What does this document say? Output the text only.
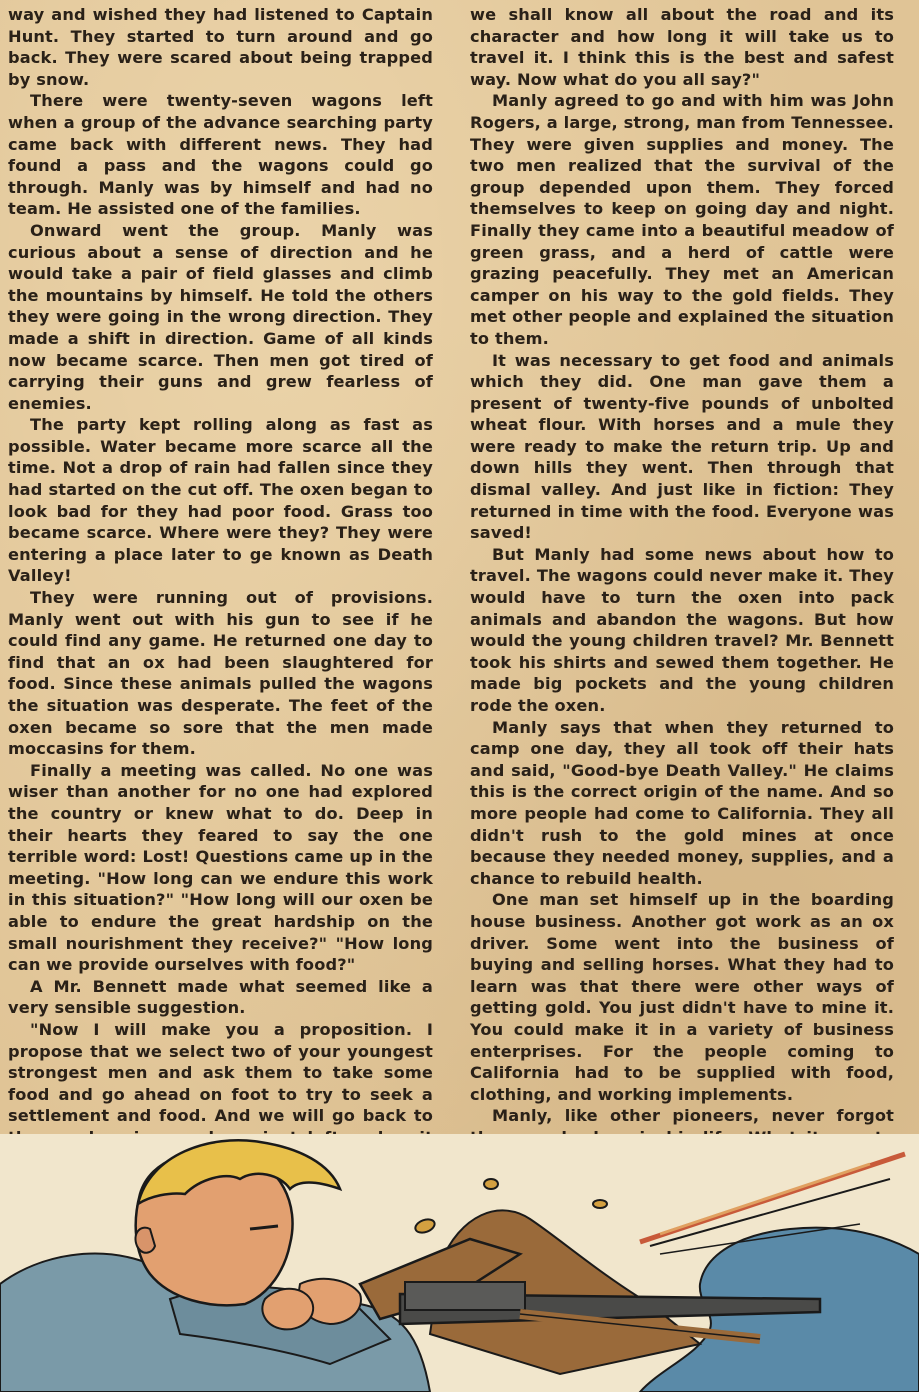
way and wished they had listened to Captain Hunt. They started to turn around and go back. They were scared about being trapped by snow.

There were twenty-seven wagons left when a group of the advance searching party came back with different news. They had found a pass and the wagons could go through. Manly was by himself and had no team. He assisted one of the families.

Onward went the group. Manly was curious about a sense of direction and he would take a pair of field glasses and climb the mountains by himself. He told the others they were going in the wrong direction. They made a shift in direction. Game of all kinds now became scarce. Then men got tired of carrying their guns and grew fearless of enemies.

The party kept rolling along as fast as possible. Water became more scarce all the time. Not a drop of rain had fallen since they had started on the cut off. The oxen began to look bad for they had poor food. Grass too became scarce. Where were they? They were entering a place later to ge known as Death Valley!

They were running out of provisions. Manly went out with his gun to see if he could find any game. He returned one day to find that an ox had been slaughtered for food. Since these animals pulled the wagons the situation was desperate. The feet of the oxen became so sore that the men made moccasins for them.

Finally a meeting was called. No one was wiser than another for no one had explored the country or knew what to do. Deep in their hearts they feared to say the one terrible word: Lost! Questions came up in the meeting. "How long can we endure this work in this situation?" "How long will our oxen be able to endure the great hardship on the small nourishment they receive?" "How long can we provide ourselves with food?"

A Mr. Bennett made what seemed like a very sensible suggestion.

"Now I will make you a proposition. I propose that we select two of your youngest strongest men and ask them to take some food and go ahead on foot to try to seek a settlement and food. And we will go back to

we shall know all about the road and its character and how long it will take us to travel it. I think this is the best and safest way. Now what do you all say?"

Manly agreed to go and with him was John Rogers, a large, strong, man from Tennessee. They were given supplies and money. The two men realized that the survival of the group depended upon them. They forced themselves to keep on going day and night. Finally they came into a beautiful meadow of green grass, and a herd of cattle were grazing peacefully. They met an American camper on his way to the gold fields. They met other people and explained the situation to them.

It was necessary to get food and animals which they did. One man gave them a present of twenty-five pounds of unbolted wheat flour. With horses and a mule they were ready to make the return trip. Up and down hills they went. Then through that dismal valley. And just like in fiction: They returned in time with the food. Everyone was saved!

But Manly had some news about how to travel. The wagons could never make it. They would have to turn the oxen into pack animals and abandon the wagons. But how would the young children travel? Mr. Bennett took his shirts and sewed them together. He made big pockets and the young children rode the oxen.

Manly says that when they returned to camp one day, they all took off their hats and said, "Good-bye Death Valley." He claims this is the correct origin of the name. And so more people had come to California. They all didn't rush to the gold mines at once because they needed money, supplies, and a chance to rebuild health.

One man set himself up in the boarding house business. Another got work as an ox driver. Some went into the business of buying and selling horses. What they had to learn was that there were other ways of getting gold. You just didn't have to mine it. You could make it in a variety of business enterprises. For the people coming to California had to be supplied with food, clothing, and working implements.

Manly, like other pioneers, never forgot
